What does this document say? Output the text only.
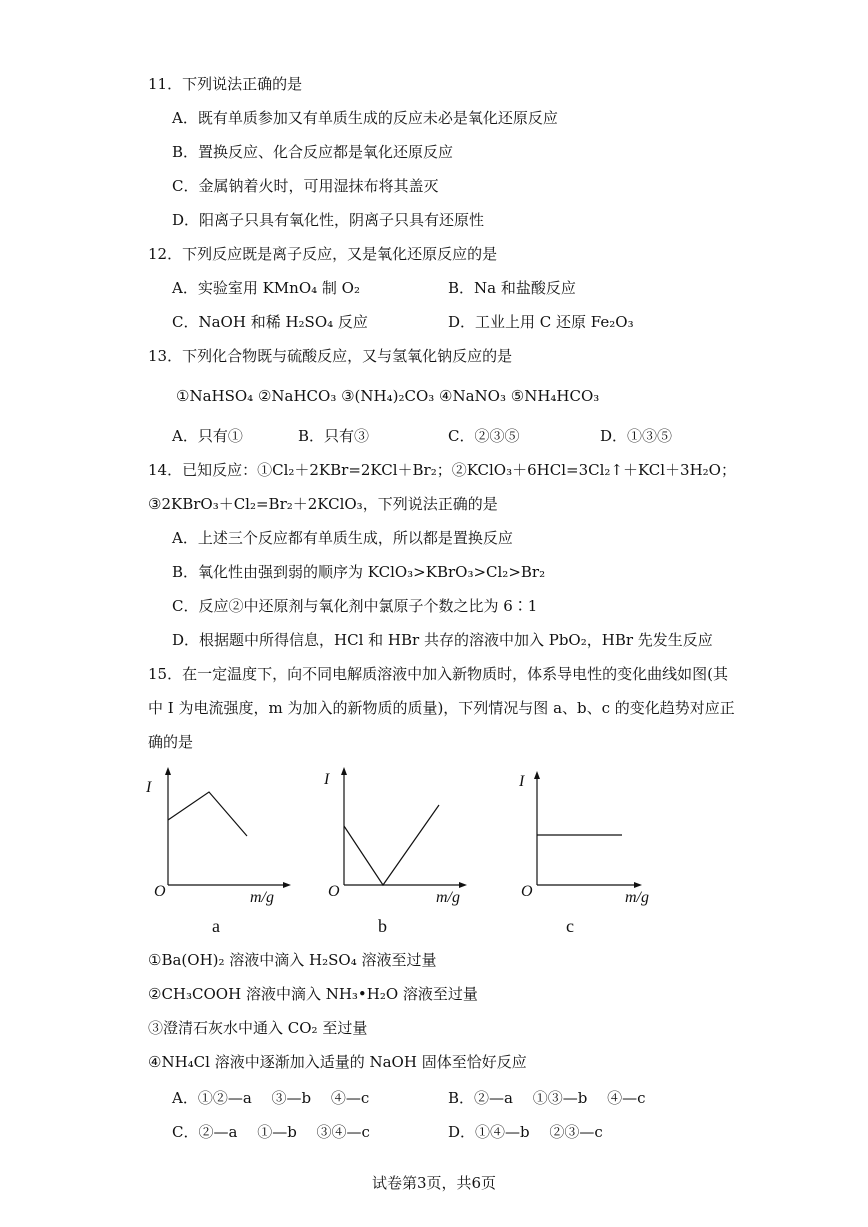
11．下列说法正确的是
A．既有单质参加又有单质生成的反应未必是氧化还原反应
B．置换反应、化合反应都是氧化还原反应
C．金属钠着火时，可用湿抹布将其盖灭
D．阳离子只具有氧化性，阴离子只具有还原性
12．下列反应既是离子反应，又是氧化还原反应的是
A．实验室用 KMnO₄ 制 O₂	B．Na 和盐酸反应
C．NaOH 和稀 H₂SO₄ 反应	D．工业上用 C 还原 Fe₂O₃
13．下列化合物既与硫酸反应，又与氢氧化钠反应的是
①NaHSO₄ ②NaHCO₃ ③(NH₄)₂CO₃ ④NaNO₃ ⑤NH₄HCO₃
A．只有①	B．只有③	C．②③⑤	D．①③⑤
14．已知反应：①Cl₂＋2KBr=2KCl＋Br₂；②KClO₃＋6HCl=3Cl₂↑＋KCl＋3H₂O；
③2KBrO₃＋Cl₂=Br₂＋2KClO₃，下列说法正确的是
A．上述三个反应都有单质生成，所以都是置换反应
B．氧化性由强到弱的顺序为 KClO₃>KBrO₃>Cl₂>Br₂
C．反应②中还原剂与氧化剂中氯原子个数之比为 6∶1
D．根据题中所得信息，HCl 和 HBr 共存的溶液中加入 PbO₂，HBr 先发生反应
15．在一定温度下，向不同电解质溶液中加入新物质时，体系导电性的变化曲线如图(其
中 I 为电流强度，m 为加入的新物质的质量)，下列情况与图 a、b、c 的变化趋势对应正
确的是
I
O	m/g
a
I
O	m/g
b
I
O	m/g
c
①Ba(OH)₂ 溶液中滴入 H₂SO₄ 溶液至过量
②CH₃COOH 溶液中滴入 NH₃•H₂O 溶液至过量
③澄清石灰水中通入 CO₂ 至过量
④NH₄Cl 溶液中逐渐加入适量的 NaOH 固体至恰好反应
A．①②—a　 ③—b　 ④—c	B．②—a　 ①③—b　 ④—c
C．②—a　 ①—b　 ③④—c	D．①④—b　 ②③—c
试卷第3页，共6页
